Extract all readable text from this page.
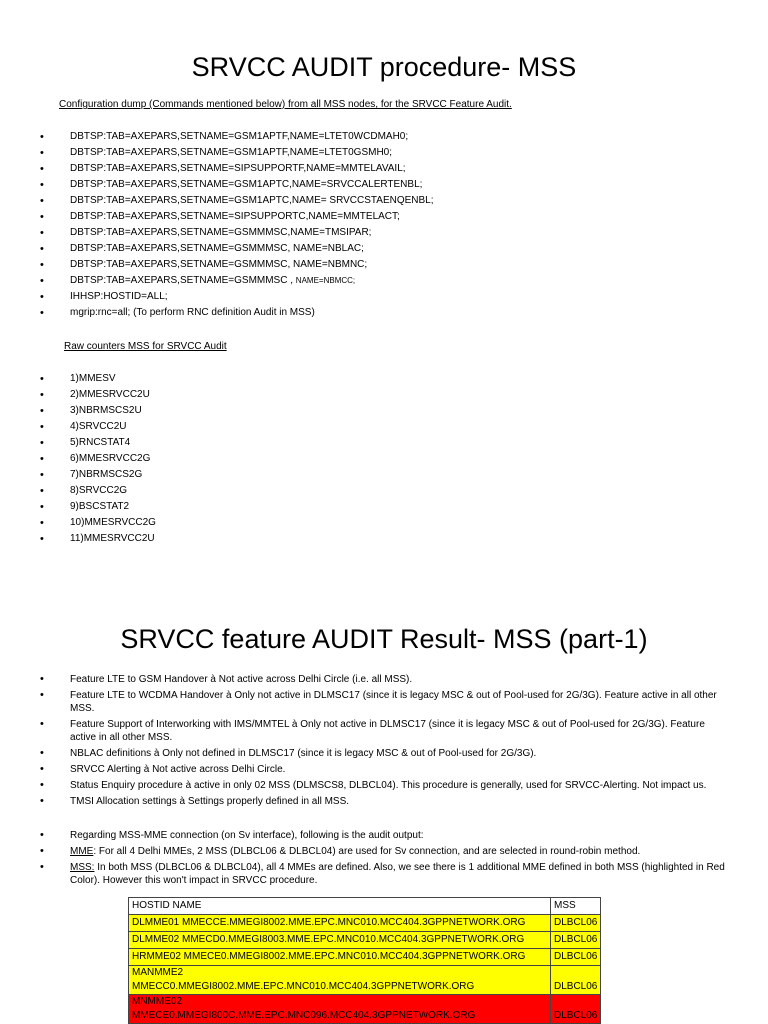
SRVCC AUDIT procedure- MSS
Configuration dump (Commands mentioned below) from all MSS nodes, for the SRVCC Feature Audit.
•	DBTSP:TAB=AXEPARS,SETNAME=GSM1APTF,NAME=LTET0WCDMAH0;
•	DBTSP:TAB=AXEPARS,SETNAME=GSM1APTF,NAME=LTET0GSMH0;
•	DBTSP:TAB=AXEPARS,SETNAME=SIPSUPPORTF,NAME=MMTELAVAIL;
•	DBTSP:TAB=AXEPARS,SETNAME=GSM1APTC,NAME=SRVCCALERTENBL;
•	DBTSP:TAB=AXEPARS,SETNAME=GSM1APTC,NAME= SRVCCSTAENQENBL;
•	DBTSP:TAB=AXEPARS,SETNAME=SIPSUPPORTC,NAME=MMTELACT;
•	DBTSP:TAB=AXEPARS,SETNAME=GSMMMSC,NAME=TMSIPAR;
•	DBTSP:TAB=AXEPARS,SETNAME=GSMMMSC, NAME=NBLAC;
•	DBTSP:TAB=AXEPARS,SETNAME=GSMMMSC, NAME=NBMNC;
•	DBTSP:TAB=AXEPARS,SETNAME=GSMMMSC , NAME=NBMCC;
•	IHHSP:HOSTID=ALL;
•	mgrip:rnc=all; (To perform RNC definition Audit in MSS)
Raw counters MSS for SRVCC Audit
•	1)MMESV
•	2)MMESRVCC2U
•	3)NBRMSCS2U
•	4)SRVCC2U
•	5)RNCSTAT4
•	6)MMESRVCC2G
•	7)NBRMSCS2G
•	8)SRVCC2G
•	9)BSCSTAT2
•	10)MMESRVCC2G
•	11)MMESRVCC2U
SRVCC feature AUDIT Result- MSS (part-1)
•	Feature LTE to GSM Handover à Not active across Delhi Circle (i.e. all MSS).
•	Feature LTE to WCDMA Handover à Only not active in DLMSC17 (since it is legacy MSC & out of Pool-used for 2G/3G). Feature active in all other MSS.
•	Feature Support of Interworking with IMS/MMTEL à Only not active in DLMSC17 (since it is legacy MSC & out of Pool-used for 2G/3G). Feature active in all other MSS.
•	NBLAC definitions à Only not defined in DLMSC17 (since it is legacy MSC & out of Pool-used for 2G/3G).
•	SRVCC Alerting à Not active across Delhi Circle.
•	Status Enquiry procedure à active in only 02 MSS (DLMSCS8, DLBCL04). This procedure is generally, used for SRVCC-Alerting. Not impact us.
•	TMSI Allocation settings à Settings properly defined in all MSS.
•	Regarding MSS-MME connection (on Sv interface), following is the audit output:
•	MME: For all 4 Delhi MMEs, 2 MSS (DLBCL06 & DLBCL04) are used for Sv connection, and are selected in round-robin method.
•	MSS: In both MSS (DLBCL06 & DLBCL04), all 4 MMEs are defined. Also, we see there is 1 additional MME defined in both MSS (highlighted in Red Color). However this won't impact in SRVCC procedure.
HOSTID NAME	MSS
DLMME01 MMECCE.MMEGI8002.MME.EPC.MNC010.MCC404.3GPPNETWORK.ORG	DLBCL06
DLMME02 MMECD0.MMEGI8003.MME.EPC.MNC010.MCC404.3GPPNETWORK.ORG	DLBCL06
HRMME02 MMECE0.MMEGI8002.MME.EPC.MNC010.MCC404.3GPPNETWORK.ORG	DLBCL06

MANMME2
MMECC0.MMEGI8002.MME.EPC.MNC010.MCC404.3GPPNETWORK.ORG	DLBCL06

MNMME02
MMECE0.MMEGI800C.MME.EPC.MNC096.MCC404.3GPPNETWORK.ORG	DLBCL06
